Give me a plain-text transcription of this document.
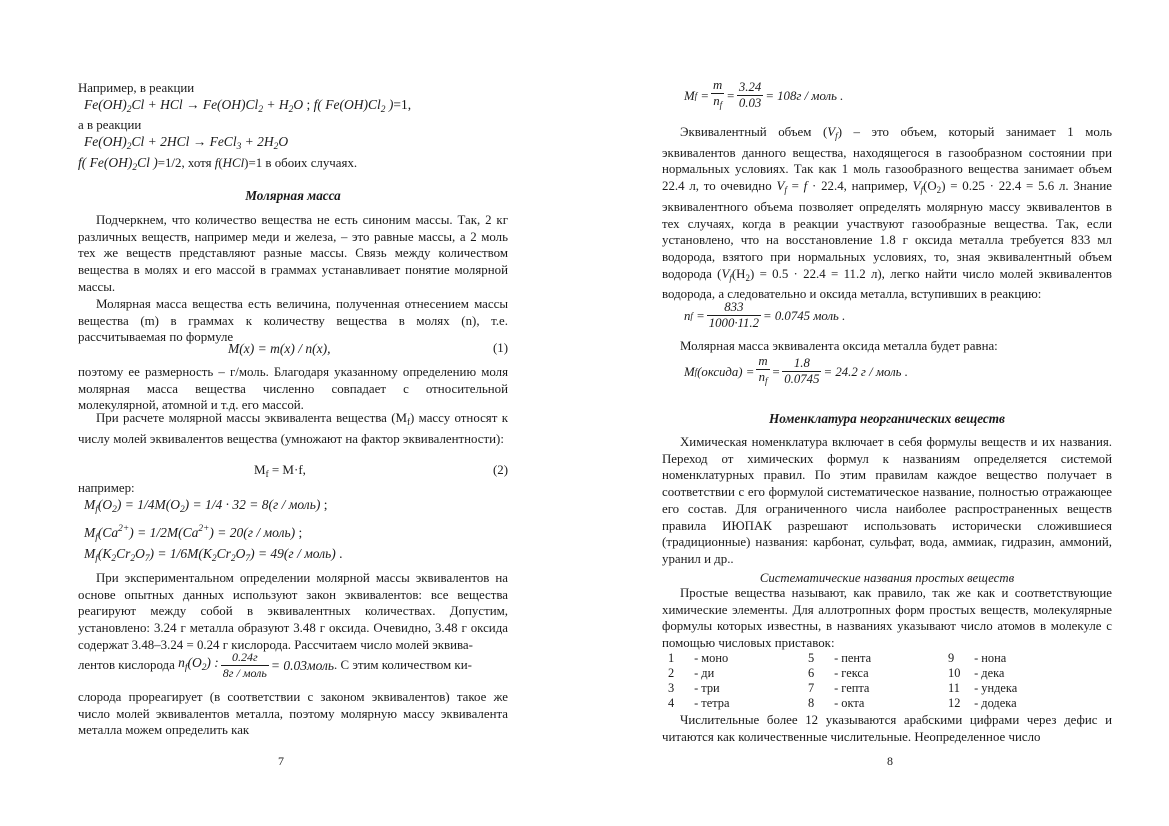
Например, в реакции

$Fe(OH)_2Cl$ + HCl → $Fe(OH)Cl_2 + H_2O$ ; f( $Fe(OH)Cl_2$ )=1,

а в реакции

$Fe(OH)_2Cl + 2HCl$ → FeCl$_3$ + $2H_2O$
f( $Fe(OH)_2Cl$ )=1/2, хотя f(HCl)=1 в обоих случаях.

Молярная масса

Подчеркнем, что количество вещества не есть синоним массы. Так, 2 кг различных веществ, например меди и железа, – это равные массы, а 2 моль тех же веществ представляют разные массы. Связь между количеством вещества в молях и его массой в граммах устанавливает понятие молярной массы.

Молярная масса вещества есть величина, полученная отнесением массы вещества (m) в граммах к количеству вещества в молях (n), т.е. рассчитываемая по формуле

M(x) = m(x) / n(x),	(1)

поэтому ее размерность – г/моль. Благодаря указанному определению моля молярная масса вещества численно совпадает с относительной молекулярной, атомной и т.д. его массой.

При расчете молярной массы эквивалента вещества $(M_f)$ массу относят к числу молей эквивалентов вещества (умножают на фактор эквивалентности):
$M_f = M\cdot f$,	(2)

например:

$M_f(O_2) = 1/4M(O_2) = 1/4 \cdot 32 = 8(г$ / моль) ;
$M_f(Ca^{2+}) = 1/2M(Ca^{2+}) = 20(г$ / моль) ;
$M_f(K_2Cr_2O_7) = 1/6M(K_2Cr_2O_7) = 49(г$ / моль) .

При экспериментальном определении молярной массы эквивалентов на основе опытных данных используют закон эквивалентов: все вещества реагируют между собой в эквивалентных количествах. Допустим, установлено: 3.24 г металла образуют 3.48 г оксида. Очевидно, 3.48 г оксида содержат 3.48–3.24 = 0.24 г кислорода. Рассчитаем число молей эквива-

лентов кислорода
$n_f(O_2)$ : $\frac{0.24г}{\text{8г / моль}}$ = 0.03моль . С этим количеством ки-

слорода прореагирует (в соответствии с законом эквивалентов) такое же число молей эквивалентов металла, поэтому молярную массу эквивалента металла можем определить как

7
M $f = \frac{m}{n_f} = \frac{3.24}{0.03} = 108г$ / моль .
Эквивалентный объем $(V_f)$ – это объем, который занимает 1 моль эквивалентов данного вещества, находящегося в газообразном состоянии при нормальных условиях. Так как 1 моль газообразного вещества занимает объем 22.4 л, то очевидно $V_f = f \cdot 22.4$, например, $V_f(O_2) = 0.25 \cdot 22.4 = 5.6$ л. Знание эквивалентного объема позволяет определять молярную массу эквивалентов в тех случаях, когда в реакции участвуют газообразные вещества. Так, если установлено, что на восстановление 1.8 г оксида металла требуется 833 мл водорода, взятого при нормальных условиях, то, зная эквивалентный объем водорода ($V_f(H_2) = 0.5 \cdot 22.4 = 11.2$ л), легко найти число молей эквивалентов водорода, а следовательно и оксида металла, вступивших в реакцию:
n $f = \frac{833}{1000\cdot 11.2} = 0.0745$ моль .

Молярная масса эквивалента оксида металла будет равна:

M f (оксида) = $\frac{m}{n_f} = \frac{1.8}{0.0745} = 24.2$ г / моль .

Номенклатура неорганических веществ

Химическая номенклатура включает в себя формулы веществ и их названия. Переход от химических формул к названиям определяется системой номенклатурных правил. По этим правилам каждое вещество получает в соответствии с его формулой систематическое название, полностью отражающее его состав. Для ограниченного числа наиболее распространенных веществ правила ИЮПАК разрешают использовать исторически сложившиеся (традиционные) названия: карбонат, сульфат, вода, аммиак, гидразин, аммоний, уранил и др..

Систематические названия простых веществ

Простые вещества называют, как правило, так же как и соответствующие химические элементы. Для аллотропных форм простых веществ, молекулярные формулы которых известны, в названиях указывают число атомов в молекуле с помощью числовых приставок:

1	- моно	5	- пента	9	- нона
2	- ди	6	- гекса	10	- дека
3	- три	7	- гепта	11	- ундека
4	- тетра	8	- окта	12	- додека

Числительные более 12 указываются арабскими цифрами через дефис и читаются как количественные числительные. Неопределенное число

8
